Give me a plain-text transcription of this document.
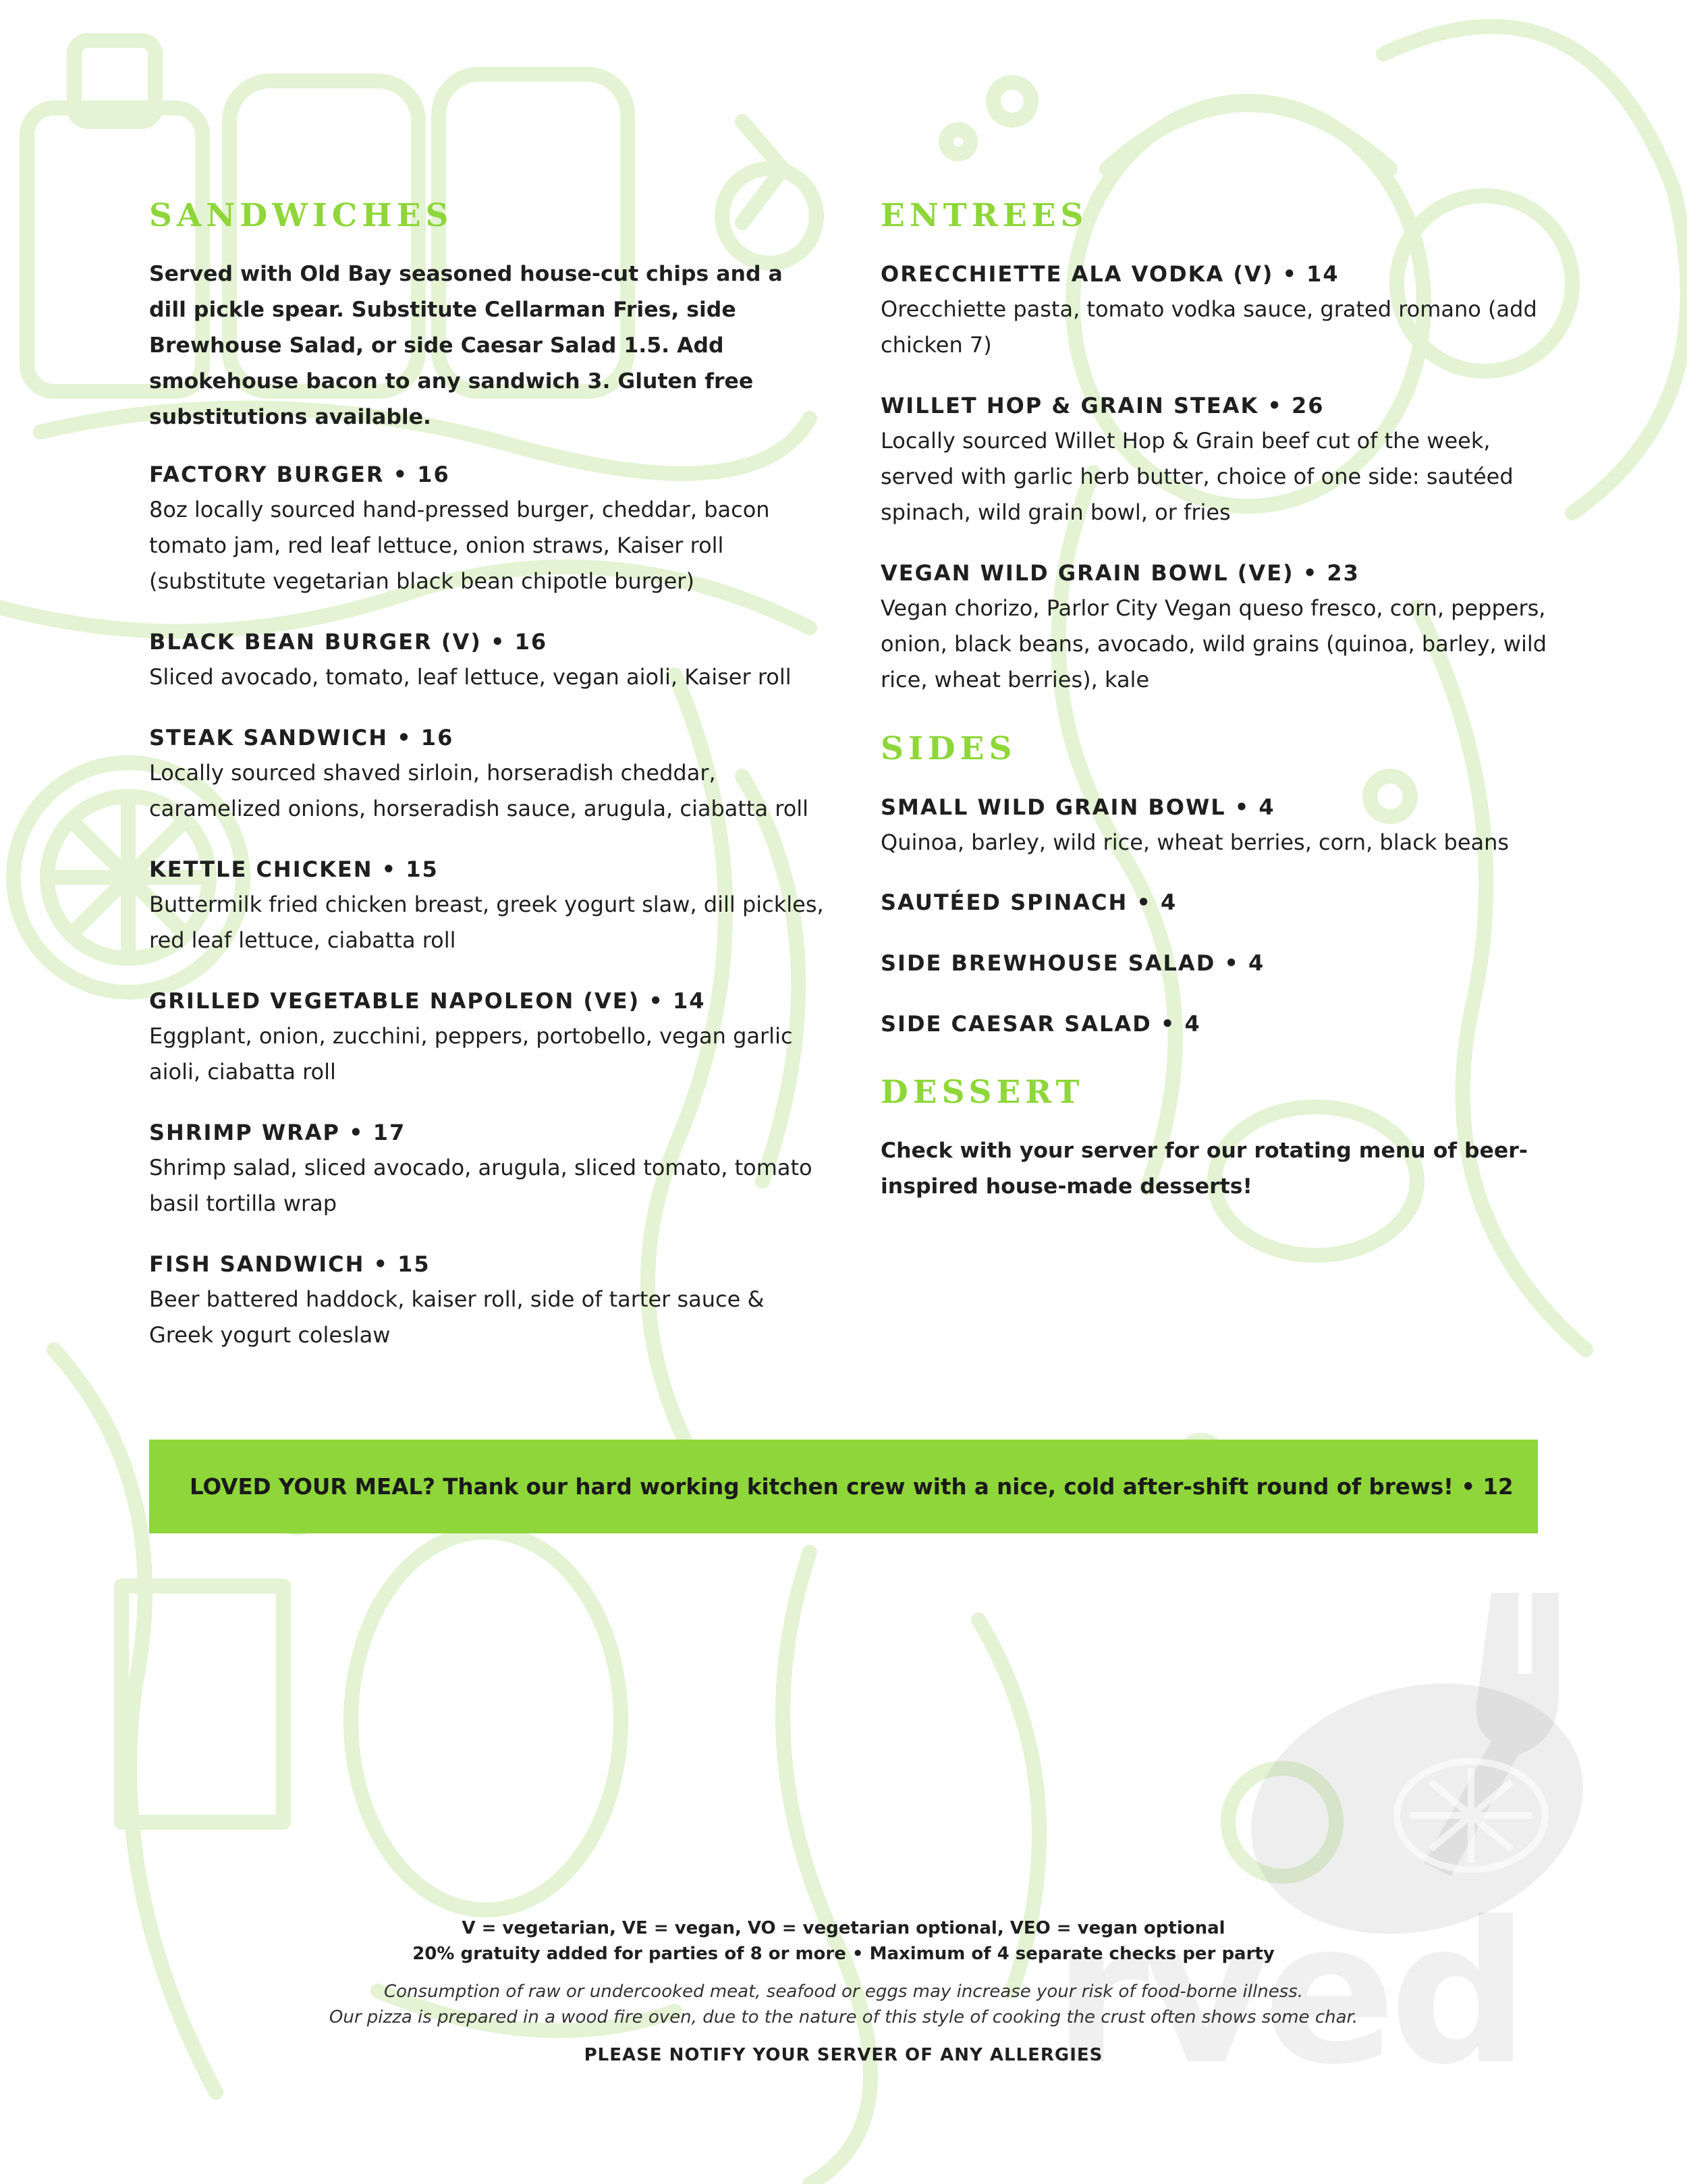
rved
SANDWICHES
Served with Old Bay seasoned house-cut chips and a dill pickle spear. Substitute Cellarman Fries, side Brewhouse Salad, or side Caesar Salad 1.5. Add smokehouse bacon to any sandwich 3. Gluten free substitutions available.
FACTORY BURGER • 16
8oz locally sourced hand-pressed burger, cheddar, bacon tomato jam, red leaf lettuce, onion straws, Kaiser roll (substitute vegetarian black bean chipotle burger)
BLACK BEAN BURGER (V) • 16
Sliced avocado, tomato, leaf lettuce, vegan aioli, Kaiser roll
STEAK SANDWICH • 16
Locally sourced shaved sirloin, horseradish cheddar, caramelized onions, horseradish sauce, arugula, ciabatta roll
KETTLE CHICKEN • 15
Buttermilk fried chicken breast, greek yogurt slaw, dill pickles, red leaf lettuce, ciabatta roll
GRILLED VEGETABLE NAPOLEON (VE) • 14
Eggplant, onion, zucchini, peppers, portobello, vegan garlic aioli, ciabatta roll
SHRIMP WRAP • 17
Shrimp salad, sliced avocado, arugula, sliced tomato, tomato basil tortilla wrap
FISH SANDWICH • 15
Beer battered haddock, kaiser roll, side of tarter sauce & Greek yogurt coleslaw
ENTREES
ORECCHIETTE ALA VODKA (V) • 14
Orecchiette pasta, tomato vodka sauce, grated romano (add chicken 7)
WILLET HOP & GRAIN STEAK • 26
Locally sourced Willet Hop & Grain beef cut of the week, served with garlic herb butter, choice of one side: sautéed spinach, wild grain bowl, or fries
VEGAN WILD GRAIN BOWL (VE) • 23
Vegan chorizo, Parlor City Vegan queso fresco, corn, peppers, onion, black beans, avocado, wild grains (quinoa, barley, wild rice, wheat berries), kale
SIDES
SMALL WILD GRAIN BOWL • 4
Quinoa, barley, wild rice, wheat berries, corn, black beans
SAUTÉED SPINACH • 4
SIDE BREWHOUSE SALAD • 4
SIDE CAESAR SALAD • 4
DESSERT
Check with your server for our rotating menu of beer-inspired house-made desserts!
LOVED YOUR MEAL? Thank our hard working kitchen crew with a nice, cold after-shift round of brews! • 12
V = vegetarian, VE = vegan, VO = vegetarian optional, VEO = vegan optional
20% gratuity added for parties of 8 or more • Maximum of 4 separate checks per party
Consumption of raw or undercooked meat, seafood or eggs may increase your risk of food-borne illness.
Our pizza is prepared in a wood fire oven, due to the nature of this style of cooking the crust often shows some char.
PLEASE NOTIFY YOUR SERVER OF ANY ALLERGIES
